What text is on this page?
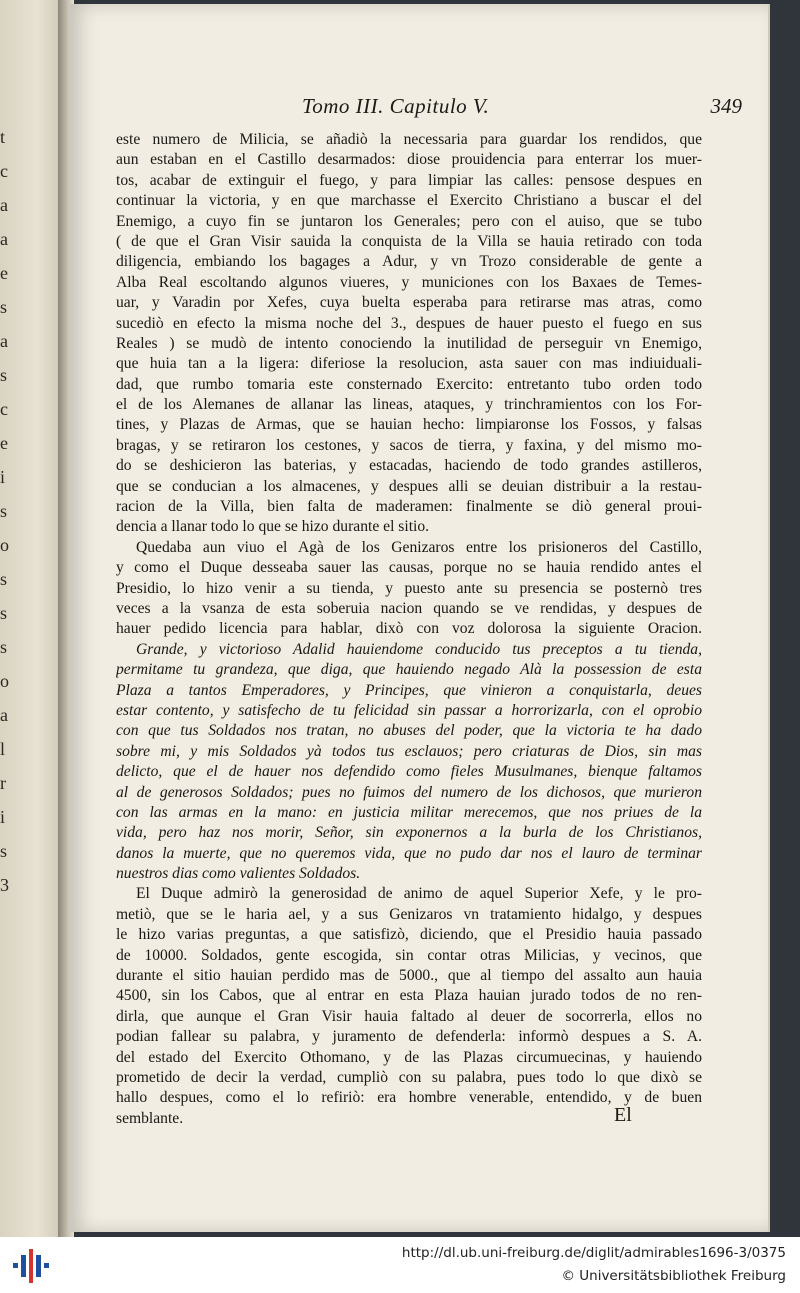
t
c
a
a
e
s
a
s
c
e
i
s
o
s
s
s
o
a
l
r
i
s
3
Tomo III. Capitulo V.	349
este numero de Milicia, se añadiò la necessaria para guardar los rendidos, que
aun estaban en el Castillo desarmados: diose prouidencia para enterrar los muer-
tos, acabar de extinguir el fuego, y para limpiar las calles: pensose despues en
continuar la victoria, y en que marchasse el Exercito Christiano a buscar el del
Enemigo, a cuyo fin se juntaron los Generales; pero con el auiso, que se tubo
( de que el Gran Visir sauida la conquista de la Villa se hauia retirado con toda
diligencia, embiando los bagages a Adur, y vn Trozo considerable de gente a
Alba Real escoltando algunos viueres, y municiones con los Baxaes de Temes-
uar, y Varadin por Xefes, cuya buelta esperaba para retirarse mas atras, como
sucediò en efecto la misma noche del 3., despues de hauer puesto el fuego en sus
Reales ) se mudò de intento conociendo la inutilidad de perseguir vn Enemigo,
que huia tan a la ligera: diferiose la resolucion, asta sauer con mas indiuiduali-
dad, que rumbo tomaria este consternado Exercito: entretanto tubo orden todo
el de los Alemanes de allanar las lineas, ataques, y trinchramientos con los For-
tines, y Plazas de Armas, que se hauian hecho: limpiaronse los Fossos, y falsas
bragas, y se retiraron los cestones, y sacos de tierra, y faxina, y del mismo mo-
do se deshicieron las baterias, y estacadas, haciendo de todo grandes astilleros,
que se conducian a los almacenes, y despues alli se deuian distribuir a la restau-
racion de la Villa, bien falta de maderamen: finalmente se diò general proui-
dencia a llanar todo lo que se hizo durante el sitio.
Quedaba aun viuo el Agà de los Genizaros entre los prisioneros del Castillo,
y como el Duque desseaba sauer las causas, porque no se hauia rendido antes el
Presidio, lo hizo venir a su tienda, y puesto ante su presencia se posternò tres
veces a la vsanza de esta soberuia nacion quando se ve rendidas, y despues de
hauer pedido licencia para hablar, dixò con voz dolorosa la siguiente Oracion.
Grande, y victorioso Adalid hauiendome conducido tus preceptos a tu tienda,
permitame tu grandeza, que diga, que hauiendo negado Alà la possession de esta
Plaza a tantos Emperadores, y Principes, que vinieron a conquistarla, deues
estar contento, y satisfecho de tu felicidad sin passar a horrorizarla, con el oprobio
con que tus Soldados nos tratan, no abuses del poder, que la victoria te ha dado
sobre mi, y mis Soldados yà todos tus esclauos; pero criaturas de Dios, sin mas
delicto, que el de hauer nos defendido como fieles Musulmanes, bienque faltamos
al de generosos Soldados; pues no fuimos del numero de los dichosos, que murieron
con las armas en la mano: en justicia militar merecemos, que nos priues de la
vida, pero haz nos morir, Señor, sin exponernos a la burla de los Christianos,
danos la muerte, que no queremos vida, que no pudo dar nos el lauro de terminar
nuestros dias como valientes Soldados.
El Duque admirò la generosidad de animo de aquel Superior Xefe, y le pro-
metiò, que se le haria ael, y a sus Genizaros vn tratamiento hidalgo, y despues
le hizo varias preguntas, a que satisfizò, diciendo, que el Presidio hauia passado
de 10000. Soldados, gente escogida, sin contar otras Milicias, y vecinos, que
durante el sitio hauian perdido mas de 5000., que al tiempo del assalto aun hauia
4500, sin los Cabos, que al entrar en esta Plaza hauian jurado todos de no ren-
dirla, que aunque el Gran Visir hauia faltado al deuer de socorrerla, ellos no
podian fallear su palabra, y juramento de defenderla: informò despues a S. A.
del estado del Exercito Othomano, y de las Plazas circumuecinas, y hauiendo
prometido de decir la verdad, cumpliò con su palabra, pues todo lo que dixò se
hallo despues, como el lo refiriò: era hombre venerable, entendido, y de buen
semblante.	El
http://dl.ub.uni-freiburg.de/diglit/admirables1696-3/0375
© Universitätsbibliothek Freiburg
